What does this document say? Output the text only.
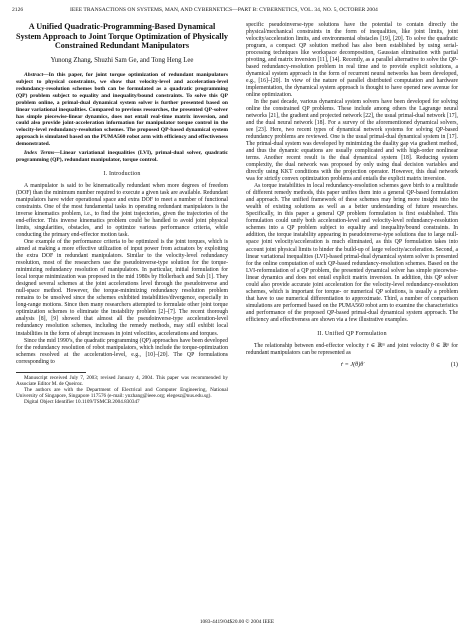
2126	IEEE TRANSACTIONS ON SYSTEMS, MAN, AND CYBERNETICS—PART B: CYBERNETICS, VOL. 34, NO. 5, OCTOBER 2004

A Unified Quadratic-Programming-Based Dynamical System Approach to Joint Torque Optimization of Physically Constrained Redundant Manipulators

Yunong Zhang, Shuzhi Sam Ge, and Tong Heng Lee

Abstract—In this paper, for joint torque optimization of redundant manipulators subject to physical constraints, we show that velocity-level and acceleration-level redundancy-resolution schemes both can be formulated as a quadratic programming (QP) problem subject to equality and inequality/bound constraints. To solve this QP problem online, a primal-dual dynamical system solver is further presented based on linear variational inequalities. Compared to previous researches, the presented QP-solver has simple piecewise-linear dynamics, does not entail real-time matrix inversion, and could also provide joint-acceleration information for manipulator torque control in the velocity-level redundancy-resolution schemes. The proposed QP-based dynamical system approach is simulated based on the PUMA560 robot arm with efficiency and effectiveness demonstrated.

Index Terms—Linear variational inequalities (LVI), primal-dual solver, quadratic programming (QP), redundant manipulator, torque control.

I. Introduction

A manipulator is said to be kinematically redundant when more degrees of freedom (DOF) than the minimum number required to execute a given task are available. Redundant manipulators have wider operational space and extra DOF to meet a number of functional constraints. One of the most fundamental tasks in operating redundant manipulators is the inverse kinematics problem, i.e., to find the joint trajectories, given the trajectories of the end-effector. This inverse kinematics problem could be handled to avoid joint physical limits, singularities, obstacles, and to optimize various performance criteria, while conducting the primary end-effector motion task.

One example of the performance criteria to be optimized is the joint torques, which is aimed at making a more effective utilization of input power from actuators by exploiting the extra DOF in redundant manipulators. Similar to the velocity-level redundancy resolution, most of the researchers use the pseudoinverse-type solution for the torque-minimizing redundancy resolution of manipulators. In particular, initial formulation for local torque minimization was proposed in the mid 1980s by Hollerbach and Suh [1]. They designed several schemes at the joint accelerations level through the pseudoinverse and null-space method. However, the torque-minimizing redundancy resolution problem remains to be unsolved since the schemes exhibited instabilities/divergence, especially in long-range motions. Since then many researchers attempted to formulate other joint torque optimization schemes to eliminate the instability problem [2]–[7]. The recent thorough analysis [8], [9] showed that almost all the pseudoinverse-type acceleration-level redundancy resolution schemes, including the remedy methods, may still exhibit local instabilities in the form of abrupt increases in joint velocities, accelerations and torques.

Since the mid 1990’s, the quadratic programming (QP) approaches have been developed for the redundancy resolution of robot manipulators, which include the torque-optimization schemes resolved at the acceleration-level, e.g., [10]–[20]. The QP formulations corresponding to

Manuscript received July 7, 2003; revised January 4, 2004. This paper was recommended by Associate Editor M. de Queiroz.

The authors are with the Department of Electrical and Computer Engineering, National University of Singapore, Singapore 117576 (e-mail: ynzhang@ieee.org; elegesz@nus.edu.sg).

Digital Object Identifier 10.1109/TSMCB.2004.830347

specific pseudoinverse-type solutions have the potential to contain directly the physical/mechanical constraints in the form of inequalities, like joint limits, joint velocity/acceleration limits, and environmental obstacles [19], [20]. To solve the quadratic program, a compact QP solution method has also been established by using serial-processing techniques like workspace decomposition, Gaussian elimination with partial pivoting, and matrix inversion [11], [14]. Recently, as a parallel alternative to solve the QP-based redundancy-resolution problem in real time and to provide explicit solutions, a dynamical system approach in the form of recurrent neural networks has been developed, e.g., [16]–[20]. In view of the nature of parallel distributed computation and hardware implementation, the dynamical system approach is thought to have opened new avenue for online optimization.

In the past decade, various dynamical system solvers have been developed for solving online the constrained QP problems. These include among others the Lagrange neural networks [21], the gradient and projected network [22], the usual primal-dual network [17], and the dual neural network [18]. For a survey of the aforementioned dynamical solvers, see [23]. Here, two recent types of dynamical network systems for solving QP-based redundancy problems are reviewed. One is the usual primal-dual dynamical system in [17]. The primal-dual system was developed by minimizing the duality gap via gradient method, and thus the dynamic equations are usually complicated and with high-order nonlinear terms. Another recent result is the dual dynamical system [18]. Reducing system complexity, the dual network was proposed by only using dual decision variables and directly using KKT conditions with the projection operator. However, this dual network was for strictly convex optimization problems and entails the explicit matrix inversion.

As torque instabilities in local redundancy-resolution schemes gave birth to a multitude of different remedy methods, this paper unifies them into a general QP-based formulation and approach. The unified framework of these schemes may bring more insight into the wealth of existing solutions as well as a better understanding of future researches. Specifically, in this paper a general QP problem formulation is first established. This formulation could unify both acceleration-level and velocity-level redundancy-resolution schemes into a QP problem subject to equality and inequality/bound constraints. In addition, the torque instability appearing in pseudoinverse-type solutions due to large null-space joint velocity/acceleration is much eliminated, as this QP formulation takes into account joint physical limits to hinder the build-up of large velocity/acceleration. Second, a linear variational inequalities (LVI)-based primal-dual dynamical system solver is presented for the online computation of such QP-based redundancy-resolution schemes. Based on the LVI-reformulation of a QP problem, the presented dynamical solver has simple piecewise-linear dynamics and does not entail explicit matrix inversion. In addition, this QP solver could also provide accurate joint acceleration for the velocity-level redundancy-resolution schemes, which is important for torque- or numerical QP solutions, is usually a problem that have to use numerical differentiation to approximate. Third, a number of comparison simulations are performed based on the PUMA560 robot arm to examine the characteristics and performance of the proposed QP-based primal-dual dynamical system approach. The efficiency and effectiveness are shown via a few illustrative examples.

II. Unified QP Formulation

The relationship between end-effector velocity ṙ ∈ ℝᵐ and joint velocity θ̇ ∈ ℝⁿ for redundant manipulators can be represented as

ṙ = J(θ)θ̇	(1)
1083-4419/04$20.00 © 2004 IEEE
